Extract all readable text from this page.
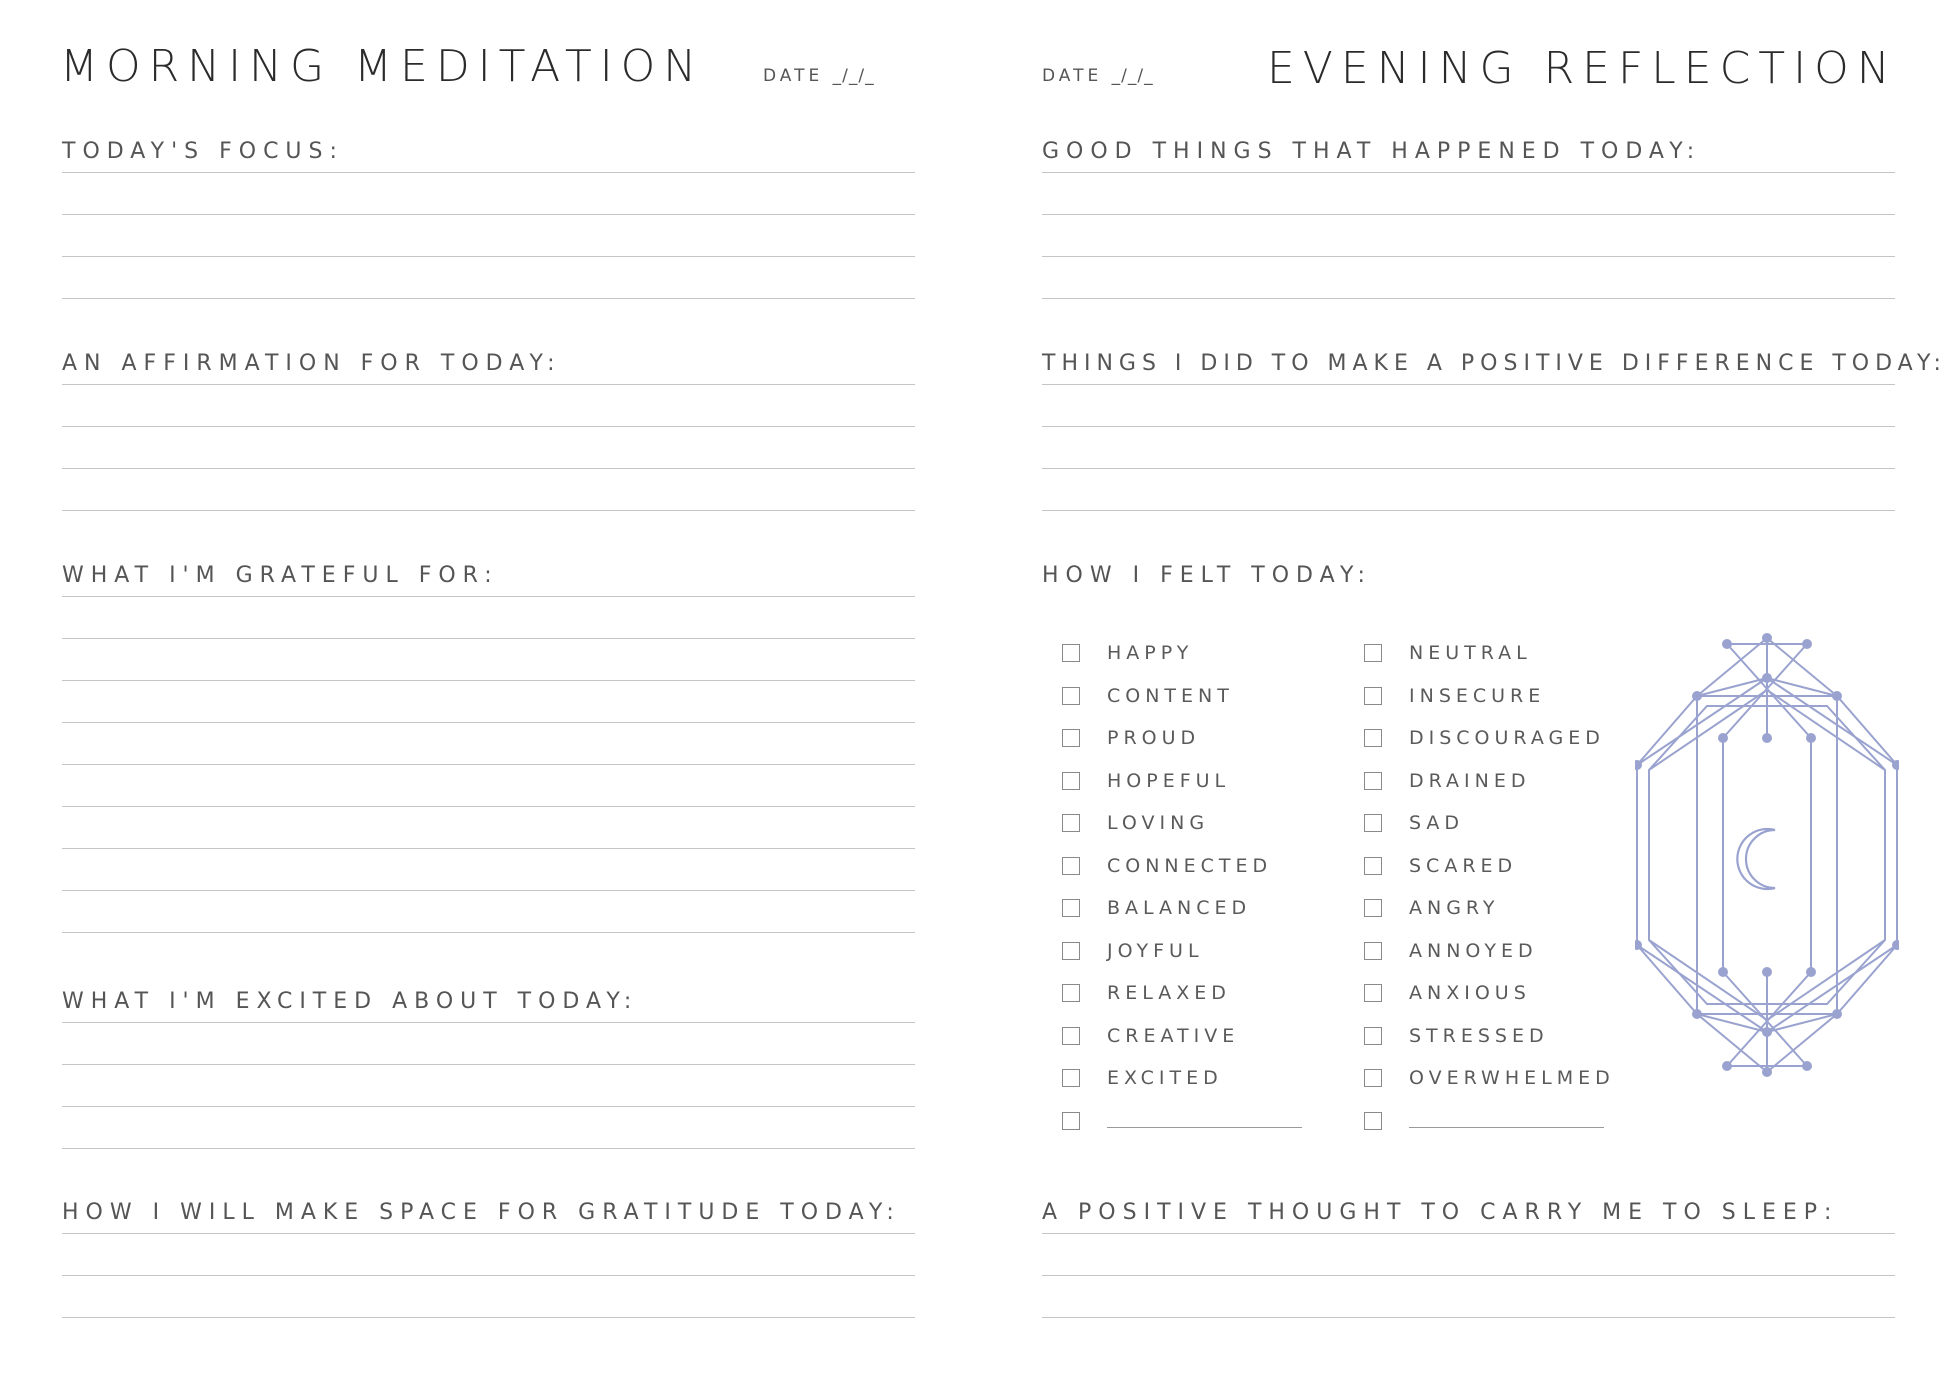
MORNING MEDITATION	DATE _/_/_
TODAY'S FOCUS:
AN AFFIRMATION FOR TODAY:
WHAT I'M GRATEFUL FOR:
WHAT I'M EXCITED ABOUT TODAY:
HOW I WILL MAKE SPACE FOR GRATITUDE TODAY:
DATE _/_/_	EVENING REFLECTION
GOOD THINGS THAT HAPPENED TODAY:
THINGS I DID TO MAKE A POSITIVE DIFFERENCE TODAY:
HOW I FELT TODAY:
HAPPY
CONTENT
PROUD
HOPEFUL
LOVING
CONNECTED
BALANCED
JOYFUL
RELAXED
CREATIVE
EXCITED
NEUTRAL
INSECURE
DISCOURAGED
DRAINED
SAD
SCARED
ANGRY
ANNOYED
ANXIOUS
STRESSED
OVERWHELMED
A POSITIVE THOUGHT TO CARRY ME TO SLEEP:
